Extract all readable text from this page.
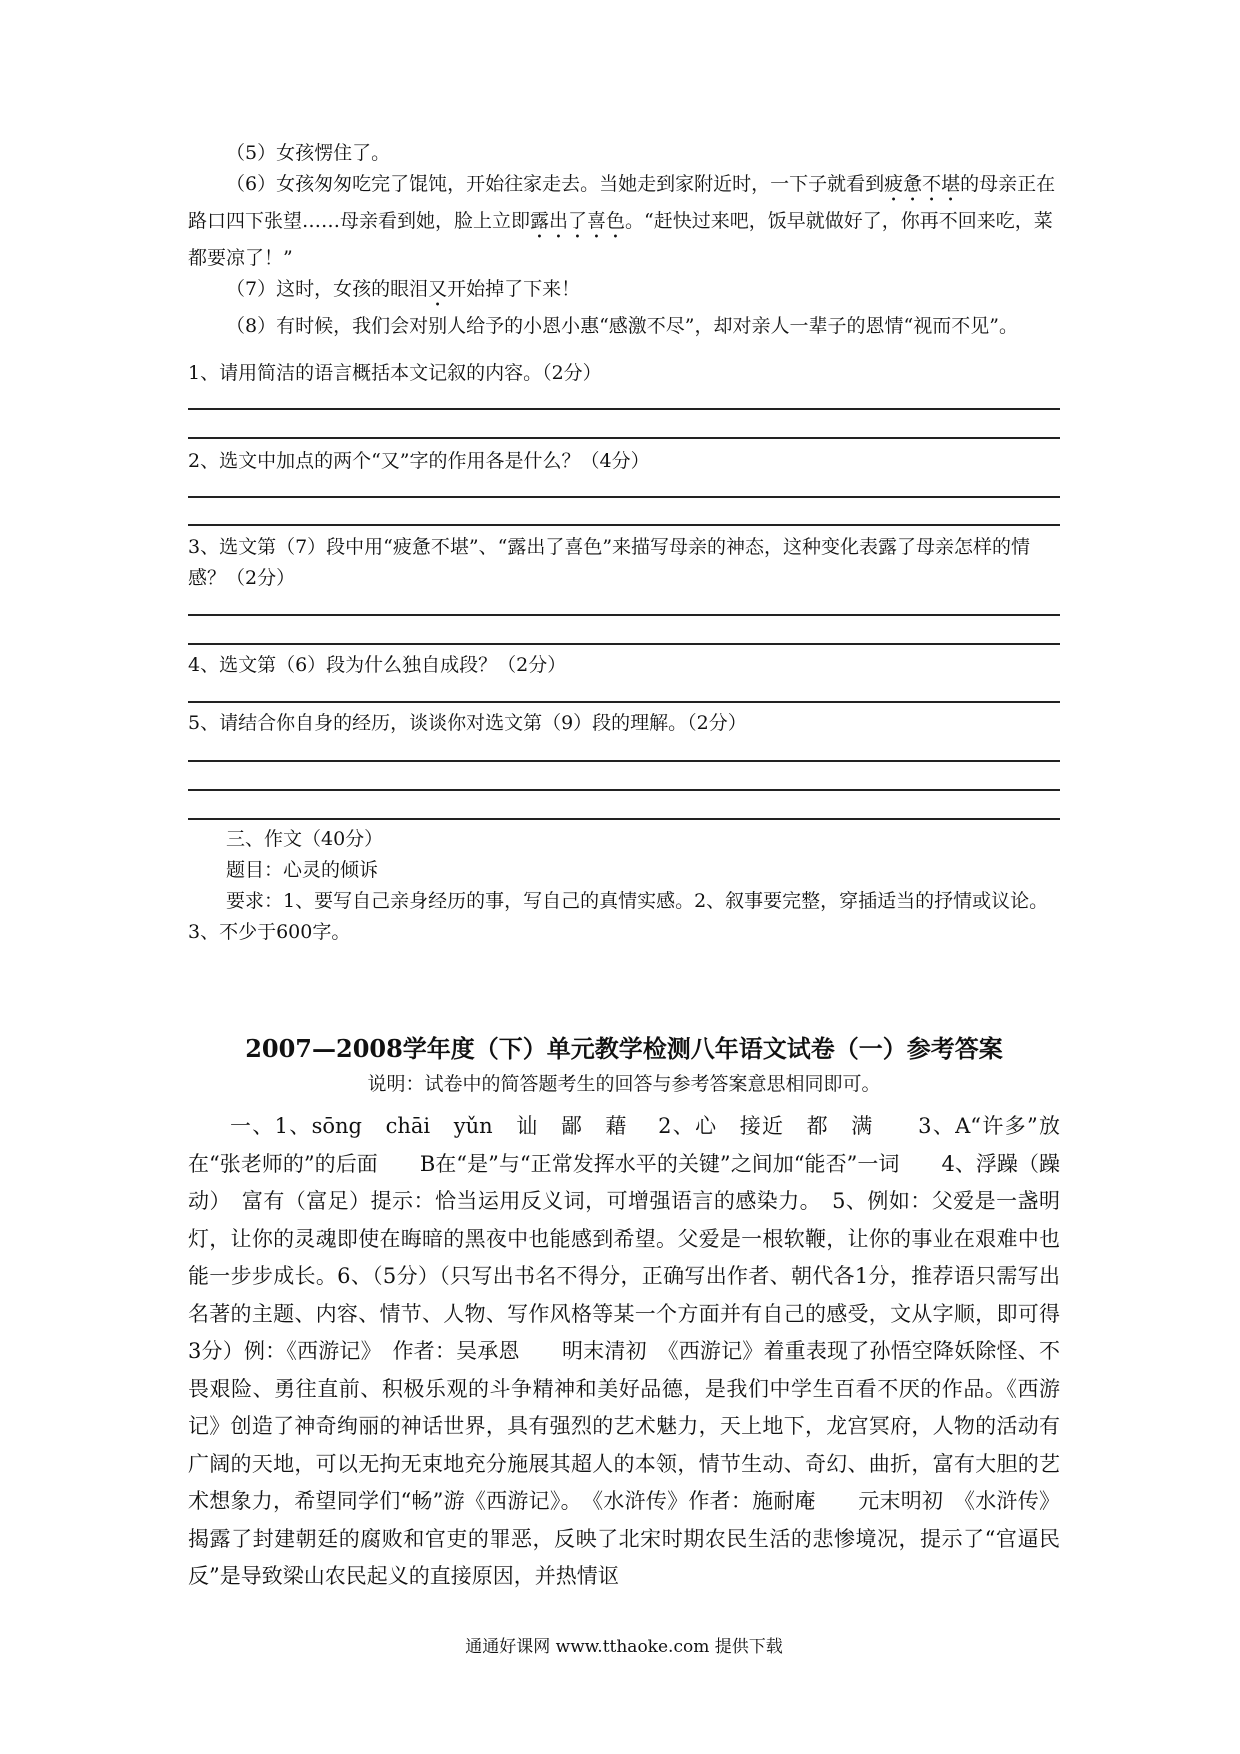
（5）女孩愣住了。

（6）女孩匆匆吃完了馄饨，开始往家走去。当她走到家附近时，一下子就看到疲惫不堪的母亲正在路口四下张望……母亲看到她，脸上立即露出了喜色。“赶快过来吧，饭早就做好了，你再不回来吃，菜都要凉了！”

（7）这时，女孩的眼泪又开始掉了下来！

（8）有时候，我们会对别人给予的小恩小惠“感激不尽”，却对亲人一辈子的恩情“视而不见”。

1、请用简洁的语言概括本文记叙的内容。（2分）

2、选文中加点的两个“又”字的作用各是什么？（4分）

3、选文第（7）段中用“疲惫不堪”、“露出了喜色”来描写母亲的神态，这种变化表露了母亲怎样的情感？（2分）

4、选文第（6）段为什么独自成段？（2分）

5、请结合你自身的经历，谈谈你对选文第（9）段的理解。（2分）

三、作文（40分）

题目：心灵的倾诉

要求：1、要写自己亲身经历的事，写自己的真情实感。2、叙事要完整，穿插适当的抒情或议论。 3、不少于600字。

2007—2008学年度（下）单元教学检测八年语文试卷（一）参考答案
说明：试卷中的简答题考生的回答与参考答案意思相同即可。

一、1、sōng　chāi　yǔn　讪　鄙　藉　 2、心　接近　都　满　　3、A“许多”放在“张老师的”的后面　　B在“是”与“正常发挥水平的关键”之间加“能否”一词　　4、浮躁（躁动）　富有（富足）提示：恰当运用反义词，可增强语言的感染力。　5、例如：父爱是一盏明灯，让你的灵魂即使在晦暗的黑夜中也能感到希望。父爱是一根软鞭，让你的事业在艰难中也能一步步成长。6、（5分）（只写出书名不得分，正确写出作者、朝代各1分，推荐语只需写出名著的主题、内容、情节、人物、写作风格等某一个方面并有自己的感受，文从字顺，即可得3分）例：《西游记》　作者：吴承恩　　明末清初　《西游记》着重表现了孙悟空降妖除怪、不畏艰险、勇往直前、积极乐观的斗争精神和美好品德，是我们中学生百看不厌的作品。《西游记》创造了神奇绚丽的神话世界，具有强烈的艺术魅力，天上地下，龙宫冥府，人物的活动有广阔的天地，可以无拘无束地充分施展其超人的本领，情节生动、奇幻、曲折，富有大胆的艺术想象力，希望同学们“畅”游《西游记》。　《水浒传》作者：施耐庵　　元末明初　《水浒传》揭露了封建朝廷的腐败和官吏的罪恶，反映了北宋时期农民生活的悲惨境况，提示了“官逼民反”是导致梁山农民起义的直接原因，并热情讴

通通好课网 www.tthaoke.com 提供下载
